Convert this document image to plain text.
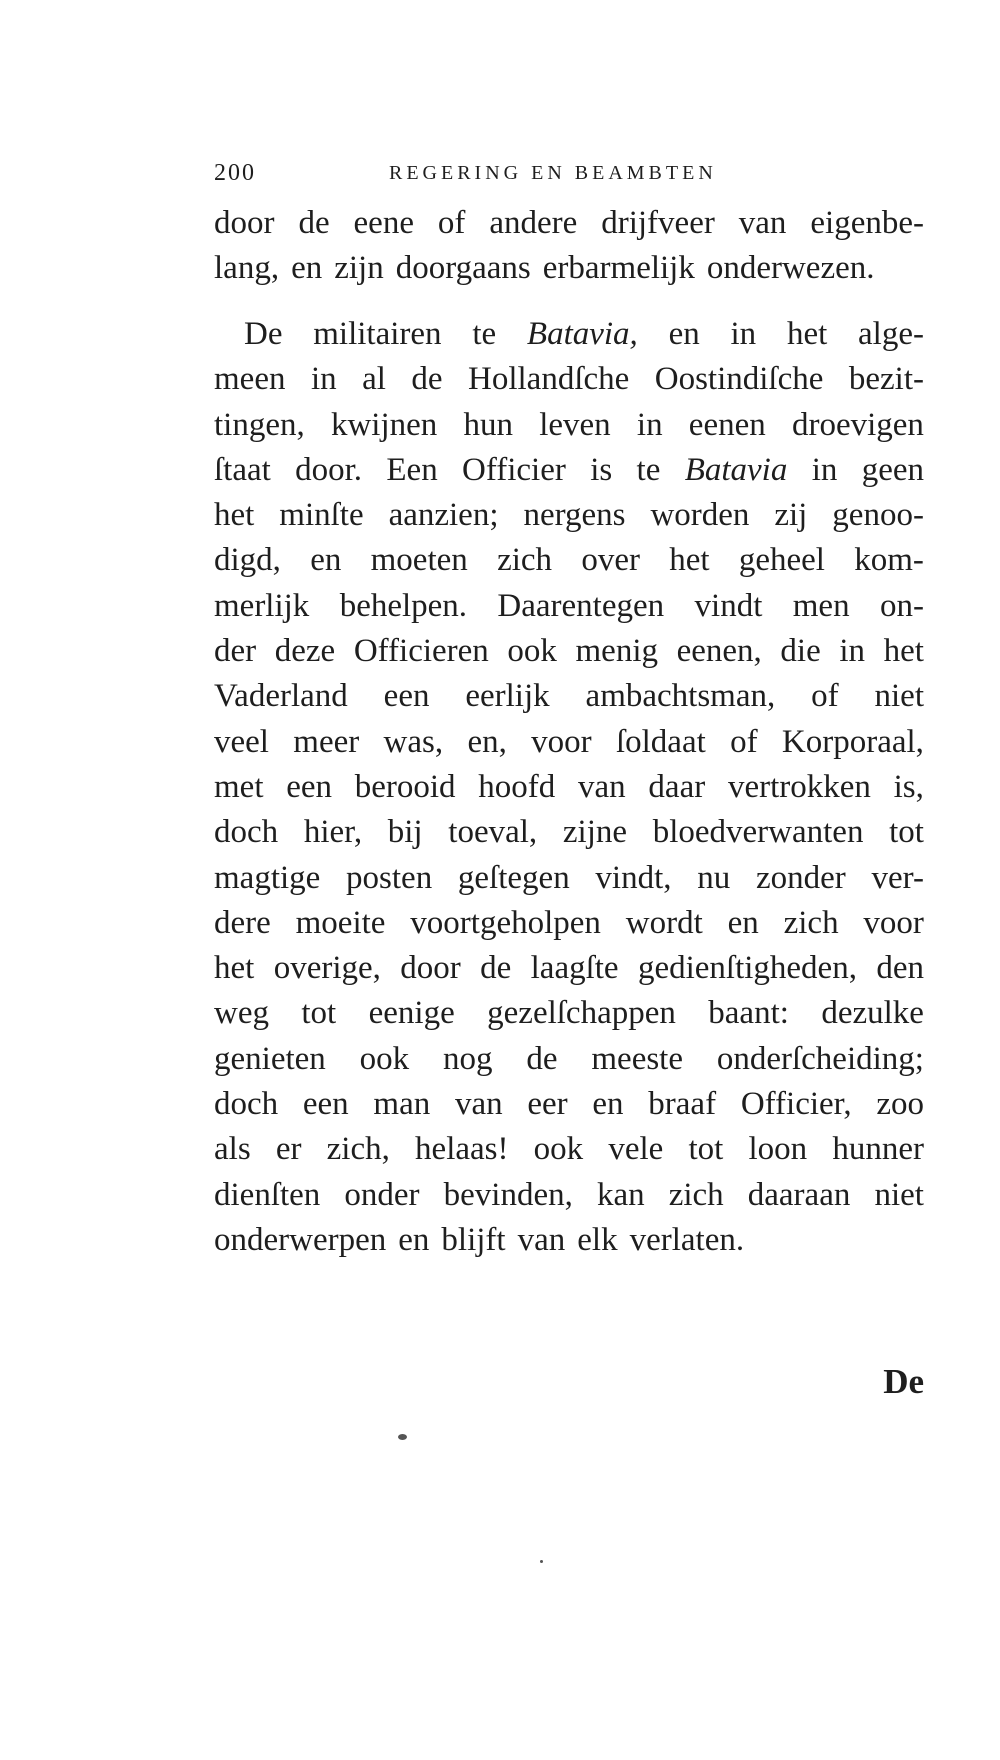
200	REGERING EN BEAMBTEN
door de eene of andere drijfveer van eigenbe-
lang, en zijn doorgaans erbarmelijk onderwezen.
De militairen te Batavia, en in het alge-
meen in al de Hollandſche Oostindiſche bezit-
tingen, kwijnen hun leven in eenen droevigen
ſtaat door. Een Officier is te Batavia in geen
het minſte aanzien; nergens worden zij genoo-
digd, en moeten zich over het geheel kom-
merlijk behelpen. Daarentegen vindt men on-
der deze Officieren ook menig eenen, die in het
Vaderland een eerlijk ambachtsman, of niet
veel meer was, en, voor ſoldaat of Korporaal,
met een berooid hoofd van daar vertrokken is,
doch hier, bij toeval, zijne bloedverwanten tot
magtige posten geſtegen vindt, nu zonder ver-
dere moeite voortgeholpen wordt en zich voor
het overige, door de laagſte gedienſtigheden, den
weg tot eenige gezelſchappen baant: dezulke
genieten ook nog de meeste onderſcheiding;
doch een man van eer en braaf Officier, zoo
als er zich, helaas! ook vele tot loon hunner
dienſten onder bevinden, kan zich daaraan niet
onderwerpen en blijft van elk verlaten.
De
